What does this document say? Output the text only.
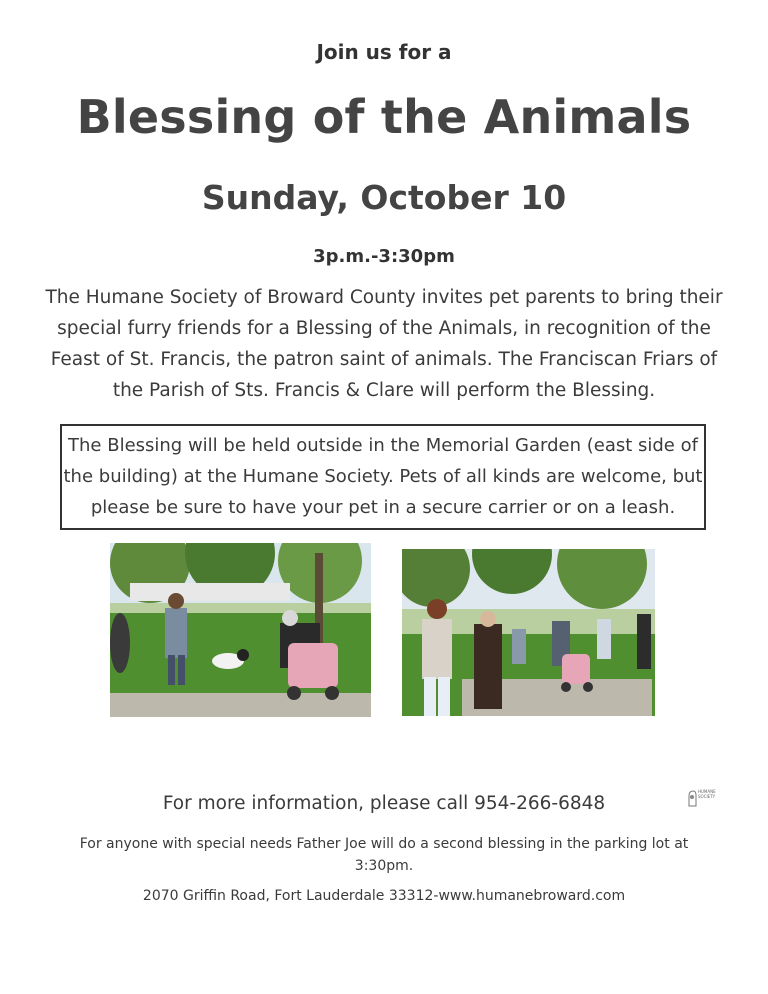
Join us for a
Blessing of the Animals
Sunday, October 10
3p.m.-3:30pm
The Humane Society of Broward County invites pet parents to bring their special furry friends for a Blessing of the Animals, in recognition of the Feast of St. Francis, the patron saint of animals. The Franciscan Friars of the Parish of Sts. Francis & Clare will perform the Blessing.
The Blessing will be held outside in the Memorial Garden (east side of the building) at the Humane Society. Pets of all kinds are welcome, but please be sure to have your pet in a secure carrier or on a leash.
HUMANE
SOCIETY
For more information, please call 954-266-6848
For anyone with special needs Father Joe will do a second blessing in the parking lot at 3:30pm.
2070 Griffin Road, Fort Lauderdale 33312-www.humanebroward.com
